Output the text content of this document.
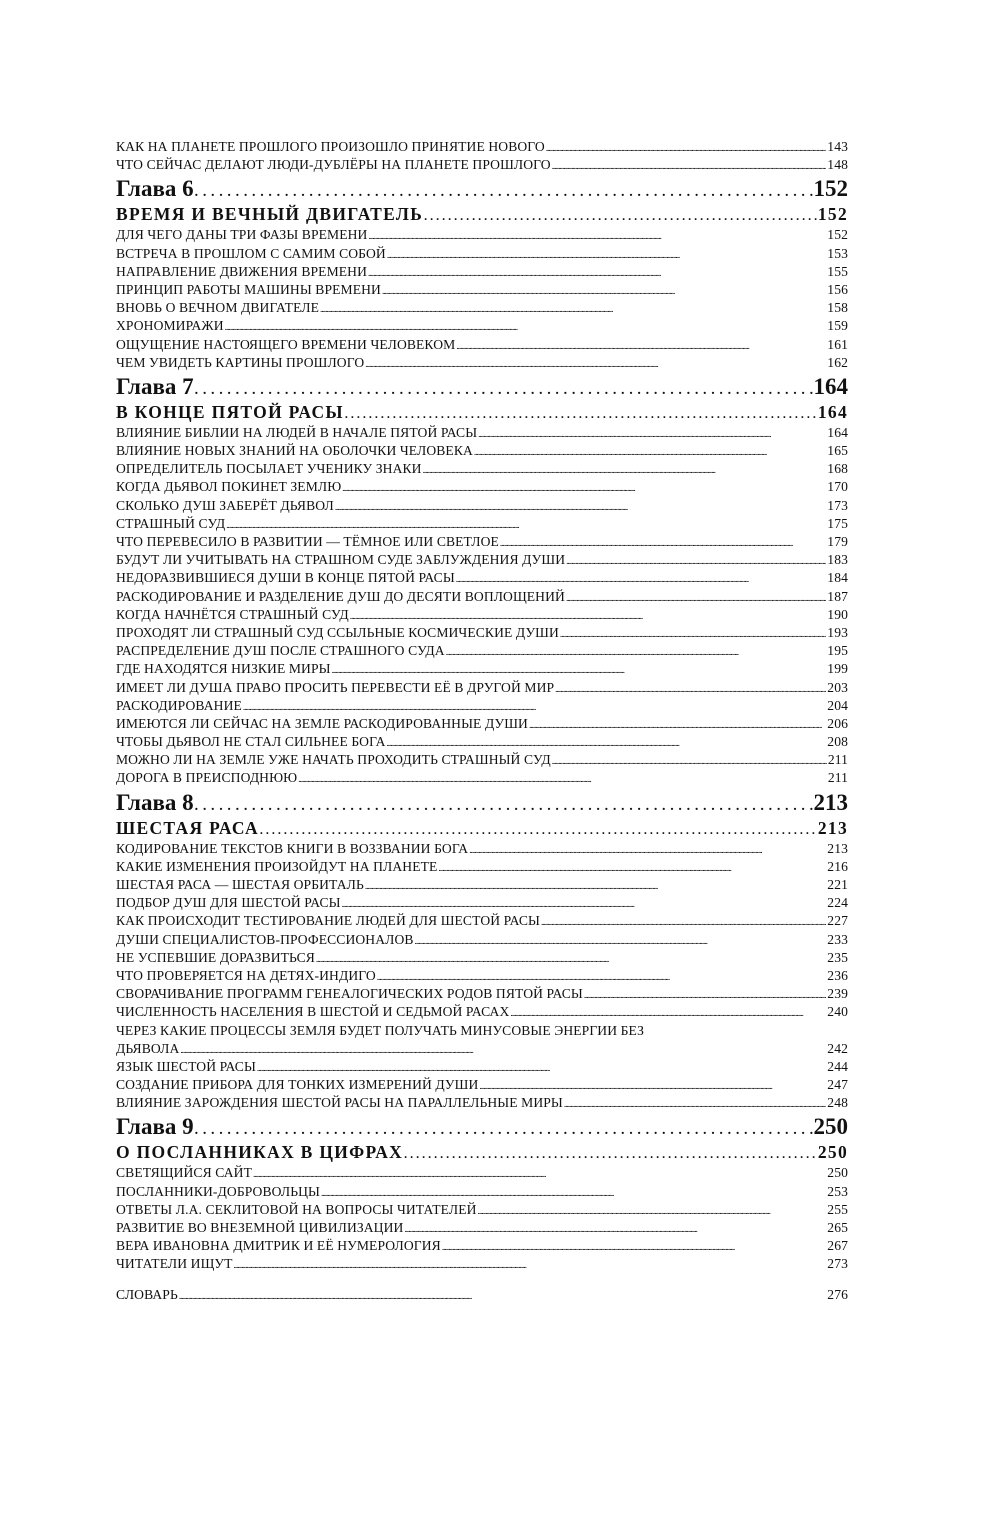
КАК НА ПЛАНЕТЕ ПРОШЛОГО ПРОИЗОШЛО ПРИНЯТИЕ НОВОГО . . .	143
ЧТО СЕЙЧАС ДЕЛАЮТ ЛЮДИ-ДУБЛЁРЫ НА ПЛАНЕТЕ ПРОШЛОГО . . .	148
Глава 6 . . .	152
ВРЕМЯ И ВЕЧНЫЙ ДВИГАТЕЛЬ . . .	152
ДЛЯ ЧЕГО ДАНЫ ТРИ ФАЗЫ ВРЕМЕНИ . . .	152
ВСТРЕЧА В ПРОШЛОМ С САМИМ СОБОЙ . . .	153
НАПРАВЛЕНИЕ ДВИЖЕНИЯ ВРЕМЕНИ . . .	155
ПРИНЦИП РАБОТЫ МАШИНЫ ВРЕМЕНИ . . .	156
ВНОВЬ О ВЕЧНОМ ДВИГАТЕЛЕ . . .	158
ХРОНОМИРАЖИ . . .	159
ОЩУЩЕНИЕ НАСТОЯЩЕГО ВРЕМЕНИ ЧЕЛОВЕКОМ . . .	161
ЧЕМ УВИДЕТЬ КАРТИНЫ ПРОШЛОГО . . .	162
Глава 7 . . .	164
В КОНЦЕ ПЯТОЙ РАСЫ . . .	164
ВЛИЯНИЕ БИБЛИИ НА ЛЮДЕЙ В НАЧАЛЕ ПЯТОЙ РАСЫ . . .	164
ВЛИЯНИЕ НОВЫХ ЗНАНИЙ НА ОБОЛОЧКИ ЧЕЛОВЕКА . . .	165
ОПРЕДЕЛИТЕЛЬ ПОСЫЛАЕТ УЧЕНИКУ ЗНАКИ . . .	168
КОГДА ДЬЯВОЛ ПОКИНЕТ ЗЕМЛЮ . . .	170
СКОЛЬКО ДУШ ЗАБЕРЁТ ДЬЯВОЛ . . .	173
СТРАШНЫЙ СУД . . .	175
ЧТО ПЕРЕВЕСИЛО В РАЗВИТИИ — ТЁМНОЕ ИЛИ СВЕТЛОЕ . . .	179
БУДУТ ЛИ УЧИТЫВАТЬ НА СТРАШНОМ СУДЕ ЗАБЛУЖДЕНИЯ ДУШИ . . .	183
НЕДОРАЗВИВШИЕСЯ ДУШИ В КОНЦЕ ПЯТОЙ РАСЫ . . .	184
РАСКОДИРОВАНИЕ И РАЗДЕЛЕНИЕ ДУШ ДО ДЕСЯТИ ВОПЛОЩЕНИЙ . . .	187
КОГДА НАЧНЁТСЯ СТРАШНЫЙ СУД . . .	190
ПРОХОДЯТ ЛИ СТРАШНЫЙ СУД ССЫЛЬНЫЕ КОСМИЧЕСКИЕ ДУШИ . . .	193
РАСПРЕДЕЛЕНИЕ ДУШ ПОСЛЕ СТРАШНОГО СУДА . . .	195
ГДЕ НАХОДЯТСЯ НИЗКИЕ МИРЫ . . .	199
ИМЕЕТ ЛИ ДУША ПРАВО ПРОСИТЬ ПЕРЕВЕСТИ ЕЁ В ДРУГОЙ МИР . . .	203
РАСКОДИРОВАНИЕ . . .	204
ИМЕЮТСЯ ЛИ СЕЙЧАС НА ЗЕМЛЕ РАСКОДИРОВАННЫЕ ДУШИ . . .	206
ЧТОБЫ ДЬЯВОЛ НЕ СТАЛ СИЛЬНЕЕ БОГА . . .	208
МОЖНО ЛИ НА ЗЕМЛЕ УЖЕ НАЧАТЬ ПРОХОДИТЬ СТРАШНЫЙ СУД . . .	211
ДОРОГА В ПРЕИСПОДНЮЮ . . .	211
Глава 8 . . .	213
ШЕСТАЯ РАСА . . .	213
КОДИРОВАНИЕ ТЕКСТОВ КНИГИ В ВОЗЗВАНИИ БОГА . . .	213
КАКИЕ ИЗМЕНЕНИЯ ПРОИЗОЙДУТ НА ПЛАНЕТЕ . . .	216
ШЕСТАЯ РАСА — ШЕСТАЯ ОРБИТАЛЬ . . .	221
ПОДБОР ДУШ ДЛЯ ШЕСТОЙ РАСЫ . . .	224
КАК ПРОИСХОДИТ ТЕСТИРОВАНИЕ ЛЮДЕЙ ДЛЯ ШЕСТОЙ РАСЫ . . .	227
ДУШИ СПЕЦИАЛИСТОВ-ПРОФЕССИОНАЛОВ . . .	233
НЕ УСПЕВШИЕ ДОРАЗВИТЬСЯ . . .	235
ЧТО ПРОВЕРЯЕТСЯ НА ДЕТЯХ-ИНДИГО . . .	236
СВОРАЧИВАНИЕ ПРОГРАММ ГЕНЕАЛОГИЧЕСКИХ РОДОВ ПЯТОЙ РАСЫ . . .	239
ЧИСЛЕННОСТЬ НАСЕЛЕНИЯ В ШЕСТОЙ И СЕДЬМОЙ РАСАХ . . .	240
ЧЕРЕЗ КАКИЕ ПРОЦЕССЫ ЗЕМЛЯ БУДЕТ ПОЛУЧАТЬ МИНУСОВЫЕ ЭНЕРГИИ БЕЗ
ДЬЯВОЛА . . .	242
ЯЗЫК ШЕСТОЙ РАСЫ . . .	244
СОЗДАНИЕ ПРИБОРА ДЛЯ ТОНКИХ ИЗМЕРЕНИЙ ДУШИ . . .	247
ВЛИЯНИЕ ЗАРОЖДЕНИЯ ШЕСТОЙ РАСЫ НА ПАРАЛЛЕЛЬНЫЕ МИРЫ . . .	248
Глава 9 . . .	250
О ПОСЛАННИКАХ В ЦИФРАХ . . .	250
СВЕТЯЩИЙСЯ САЙТ . . .	250
ПОСЛАННИКИ-ДОБРОВОЛЬЦЫ . . .	253
ОТВЕТЫ Л.А. СЕКЛИТОВОЙ НА ВОПРОСЫ ЧИТАТЕЛЕЙ . . .	255
РАЗВИТИЕ ВО ВНЕЗЕМНОЙ ЦИВИЛИЗАЦИИ . . .	265
ВЕРА ИВАНОВНА ДМИТРИК И ЕЁ НУМЕРОЛОГИЯ . . .	267
ЧИТАТЕЛИ ИЩУТ . . .	273
СЛОВАРЬ . . .	276
